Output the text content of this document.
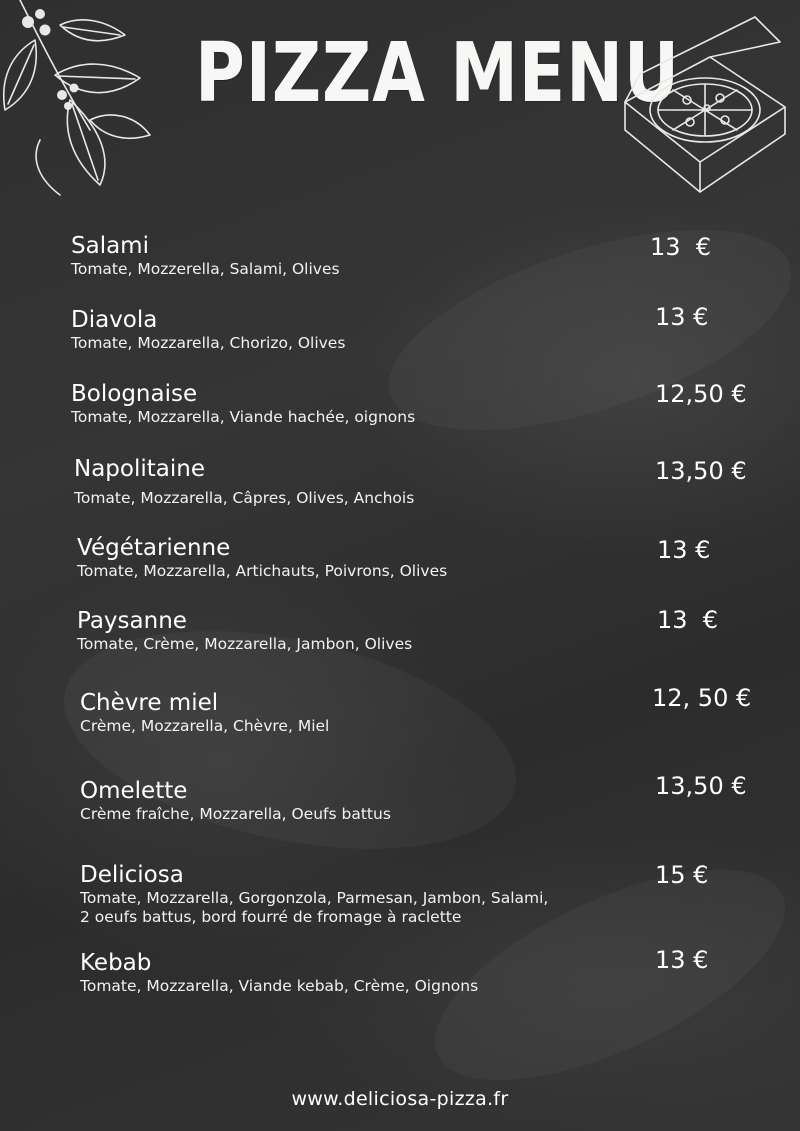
PIZZA MENU

Salami

Tomate, Mozzerella, Salami, Olives

13  €

Diavola

Tomate, Mozzarella, Chorizo, Olives

13 €

Bolognaise

Tomate, Mozzarella, Viande hachée, oignons

12,50 €

Napolitaine

Tomate, Mozzarella, Câpres, Olives, Anchois

13,50 €

Végétarienne

Tomate, Mozzarella, Artichauts, Poivrons, Olives

13 €

Paysanne

Tomate, Crème, Mozzarella, Jambon, Olives

13  €

Chèvre miel

Crème, Mozzarella, Chèvre, Miel

12, 50 €

Omelette

Crème fraîche, Mozzarella, Oeufs battus

13,50 €

Deliciosa

Tomate, Mozzarella, Gorgonzola, Parmesan, Jambon, Salami,
2 oeufs battus, bord fourré de fromage à raclette

15 €

Kebab

Tomate, Mozzarella, Viande kebab, Crème, Oignons

13 €

www.deliciosa-pizza.fr
